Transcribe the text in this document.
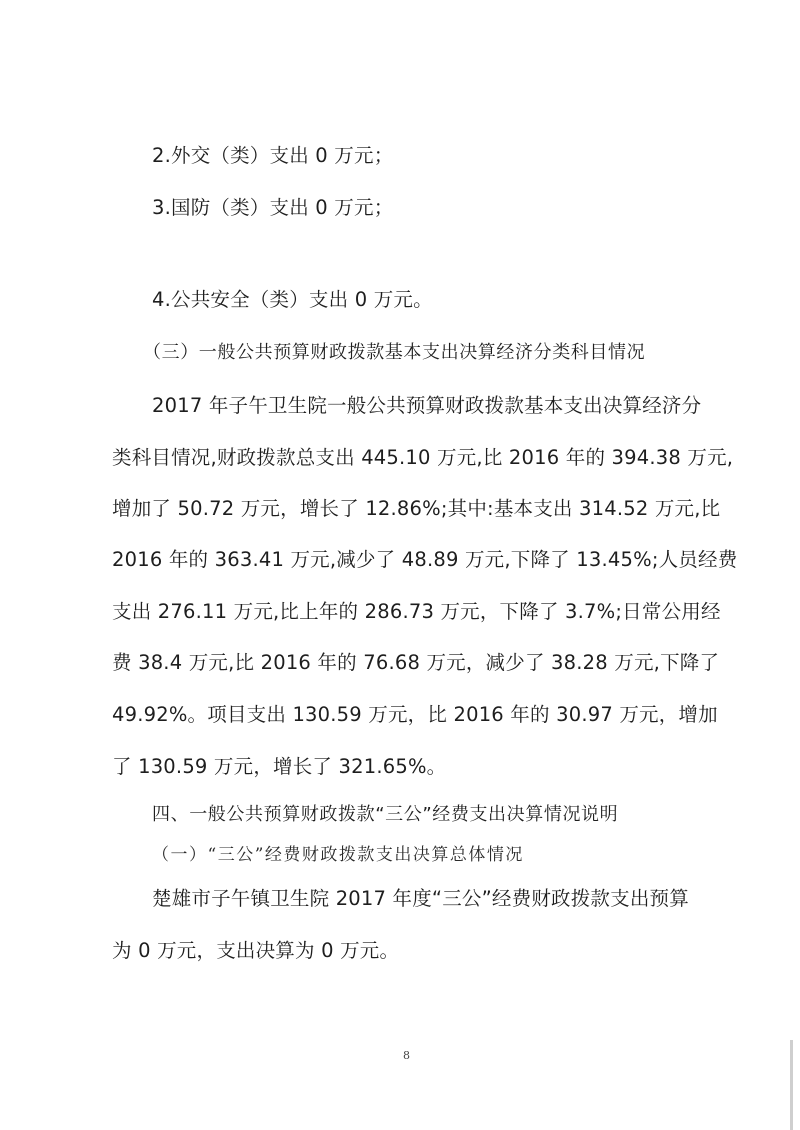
2.外交（类）支出 0 万元；
3.国防（类）支出 0 万元；
4.公共安全（类）支出 0 万元。
（三）一般公共预算财政拨款基本支出决算经济分类科目情况
2017 年子午卫生院一般公共预算财政拨款基本支出决算经济分
类科目情况,财政拨款总支出 445.10 万元,比 2016 年的 394.38 万元,
增加了 50.72 万元，增长了 12.86%;其中:基本支出 314.52 万元,比
2016 年的 363.41 万元,减少了 48.89 万元,下降了 13.45%;人员经费
支出 276.11 万元,比上年的 286.73 万元，下降了 3.7%;日常公用经
费 38.4 万元,比 2016 年的 76.68 万元，减少了 38.28 万元,下降了
49.92%。项目支出 130.59 万元，比 2016 年的 30.97 万元，增加
了 130.59 万元，增长了 321.65%。
四、一般公共预算财政拨款“三公”经费支出决算情况说明
（一）“三公”经费财政拨款支出决算总体情况
楚雄市子午镇卫生院 2017 年度“三公”经费财政拨款支出预算
为 0 万元，支出决算为 0 万元。
8
